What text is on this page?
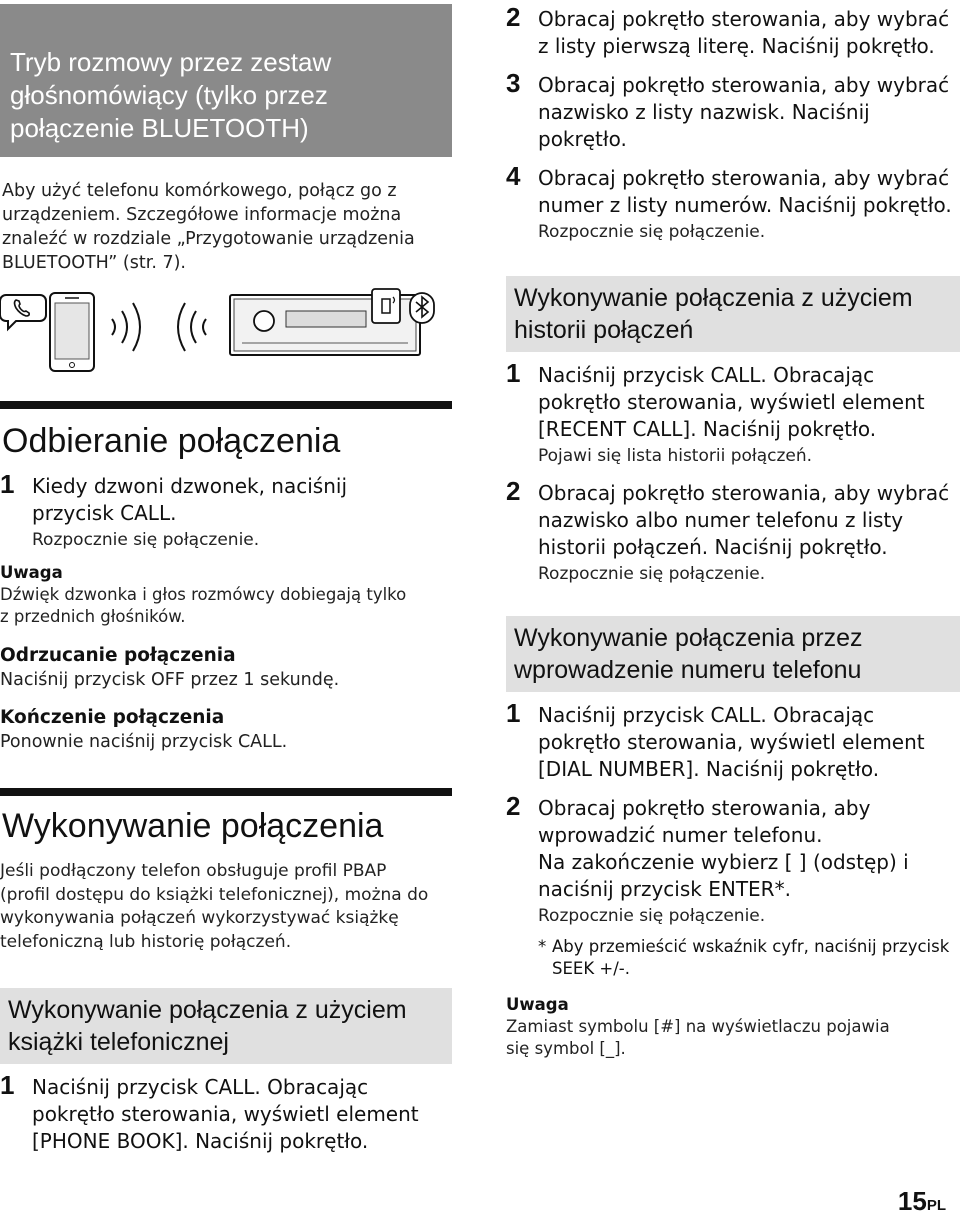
Tryb rozmowy przez zestaw głośnomówiący (tylko przez połączenie BLUETOOTH)
Aby użyć telefonu komórkowego, połącz go z urządzeniem. Szczegółowe informacje można znaleźć w rozdziale „Przygotowanie urządzenia BLUETOOTH” (str. 7).
Odbieranie połączenia
1 Kiedy dzwoni dzwonek, naciśnij przycisk CALL.
Rozpocznie się połączenie.
Uwaga
Dźwięk dzwonka i głos rozmówcy dobiegają tylko z przednich głośników.
Odrzucanie połączenia
Naciśnij przycisk OFF przez 1 sekundę.
Kończenie połączenia
Ponownie naciśnij przycisk CALL.
Wykonywanie połączenia
Jeśli podłączony telefon obsługuje profil PBAP (profil dostępu do książki telefonicznej), można do wykonywania połączeń wykorzystywać książkę telefoniczną lub historię połączeń.
Wykonywanie połączenia z użyciem książki telefonicznej
1 Naciśnij przycisk CALL. Obracając pokrętło sterowania, wyświetl element [PHONE BOOK]. Naciśnij pokrętło.
2 Obracaj pokrętło sterowania, aby wybrać z listy pierwszą literę. Naciśnij pokrętło.
3 Obracaj pokrętło sterowania, aby wybrać nazwisko z listy nazwisk. Naciśnij pokrętło.
4 Obracaj pokrętło sterowania, aby wybrać numer z listy numerów. Naciśnij pokrętło.
Rozpocznie się połączenie.
Wykonywanie połączenia z użyciem historii połączeń
1 Naciśnij przycisk CALL. Obracając pokrętło sterowania, wyświetl element [RECENT CALL]. Naciśnij pokrętło.
Pojawi się lista historii połączeń.
2 Obracaj pokrętło sterowania, aby wybrać nazwisko albo numer telefonu z listy historii połączeń. Naciśnij pokrętło.
Rozpocznie się połączenie.
Wykonywanie połączenia przez wprowadzenie numeru telefonu
1 Naciśnij przycisk CALL. Obracając pokrętło sterowania, wyświetl element [DIAL NUMBER]. Naciśnij pokrętło.
2 Obracaj pokrętło sterowania, aby wprowadzić numer telefonu.
Na zakończenie wybierz [ ] (odstęp) i naciśnij przycisk ENTER*.
Rozpocznie się połączenie.
* Aby przemieścić wskaźnik cyfr, naciśnij przycisk SEEK +/-.
Uwaga
Zamiast symbolu [#] na wyświetlaczu pojawia się symbol [_].
15PL
